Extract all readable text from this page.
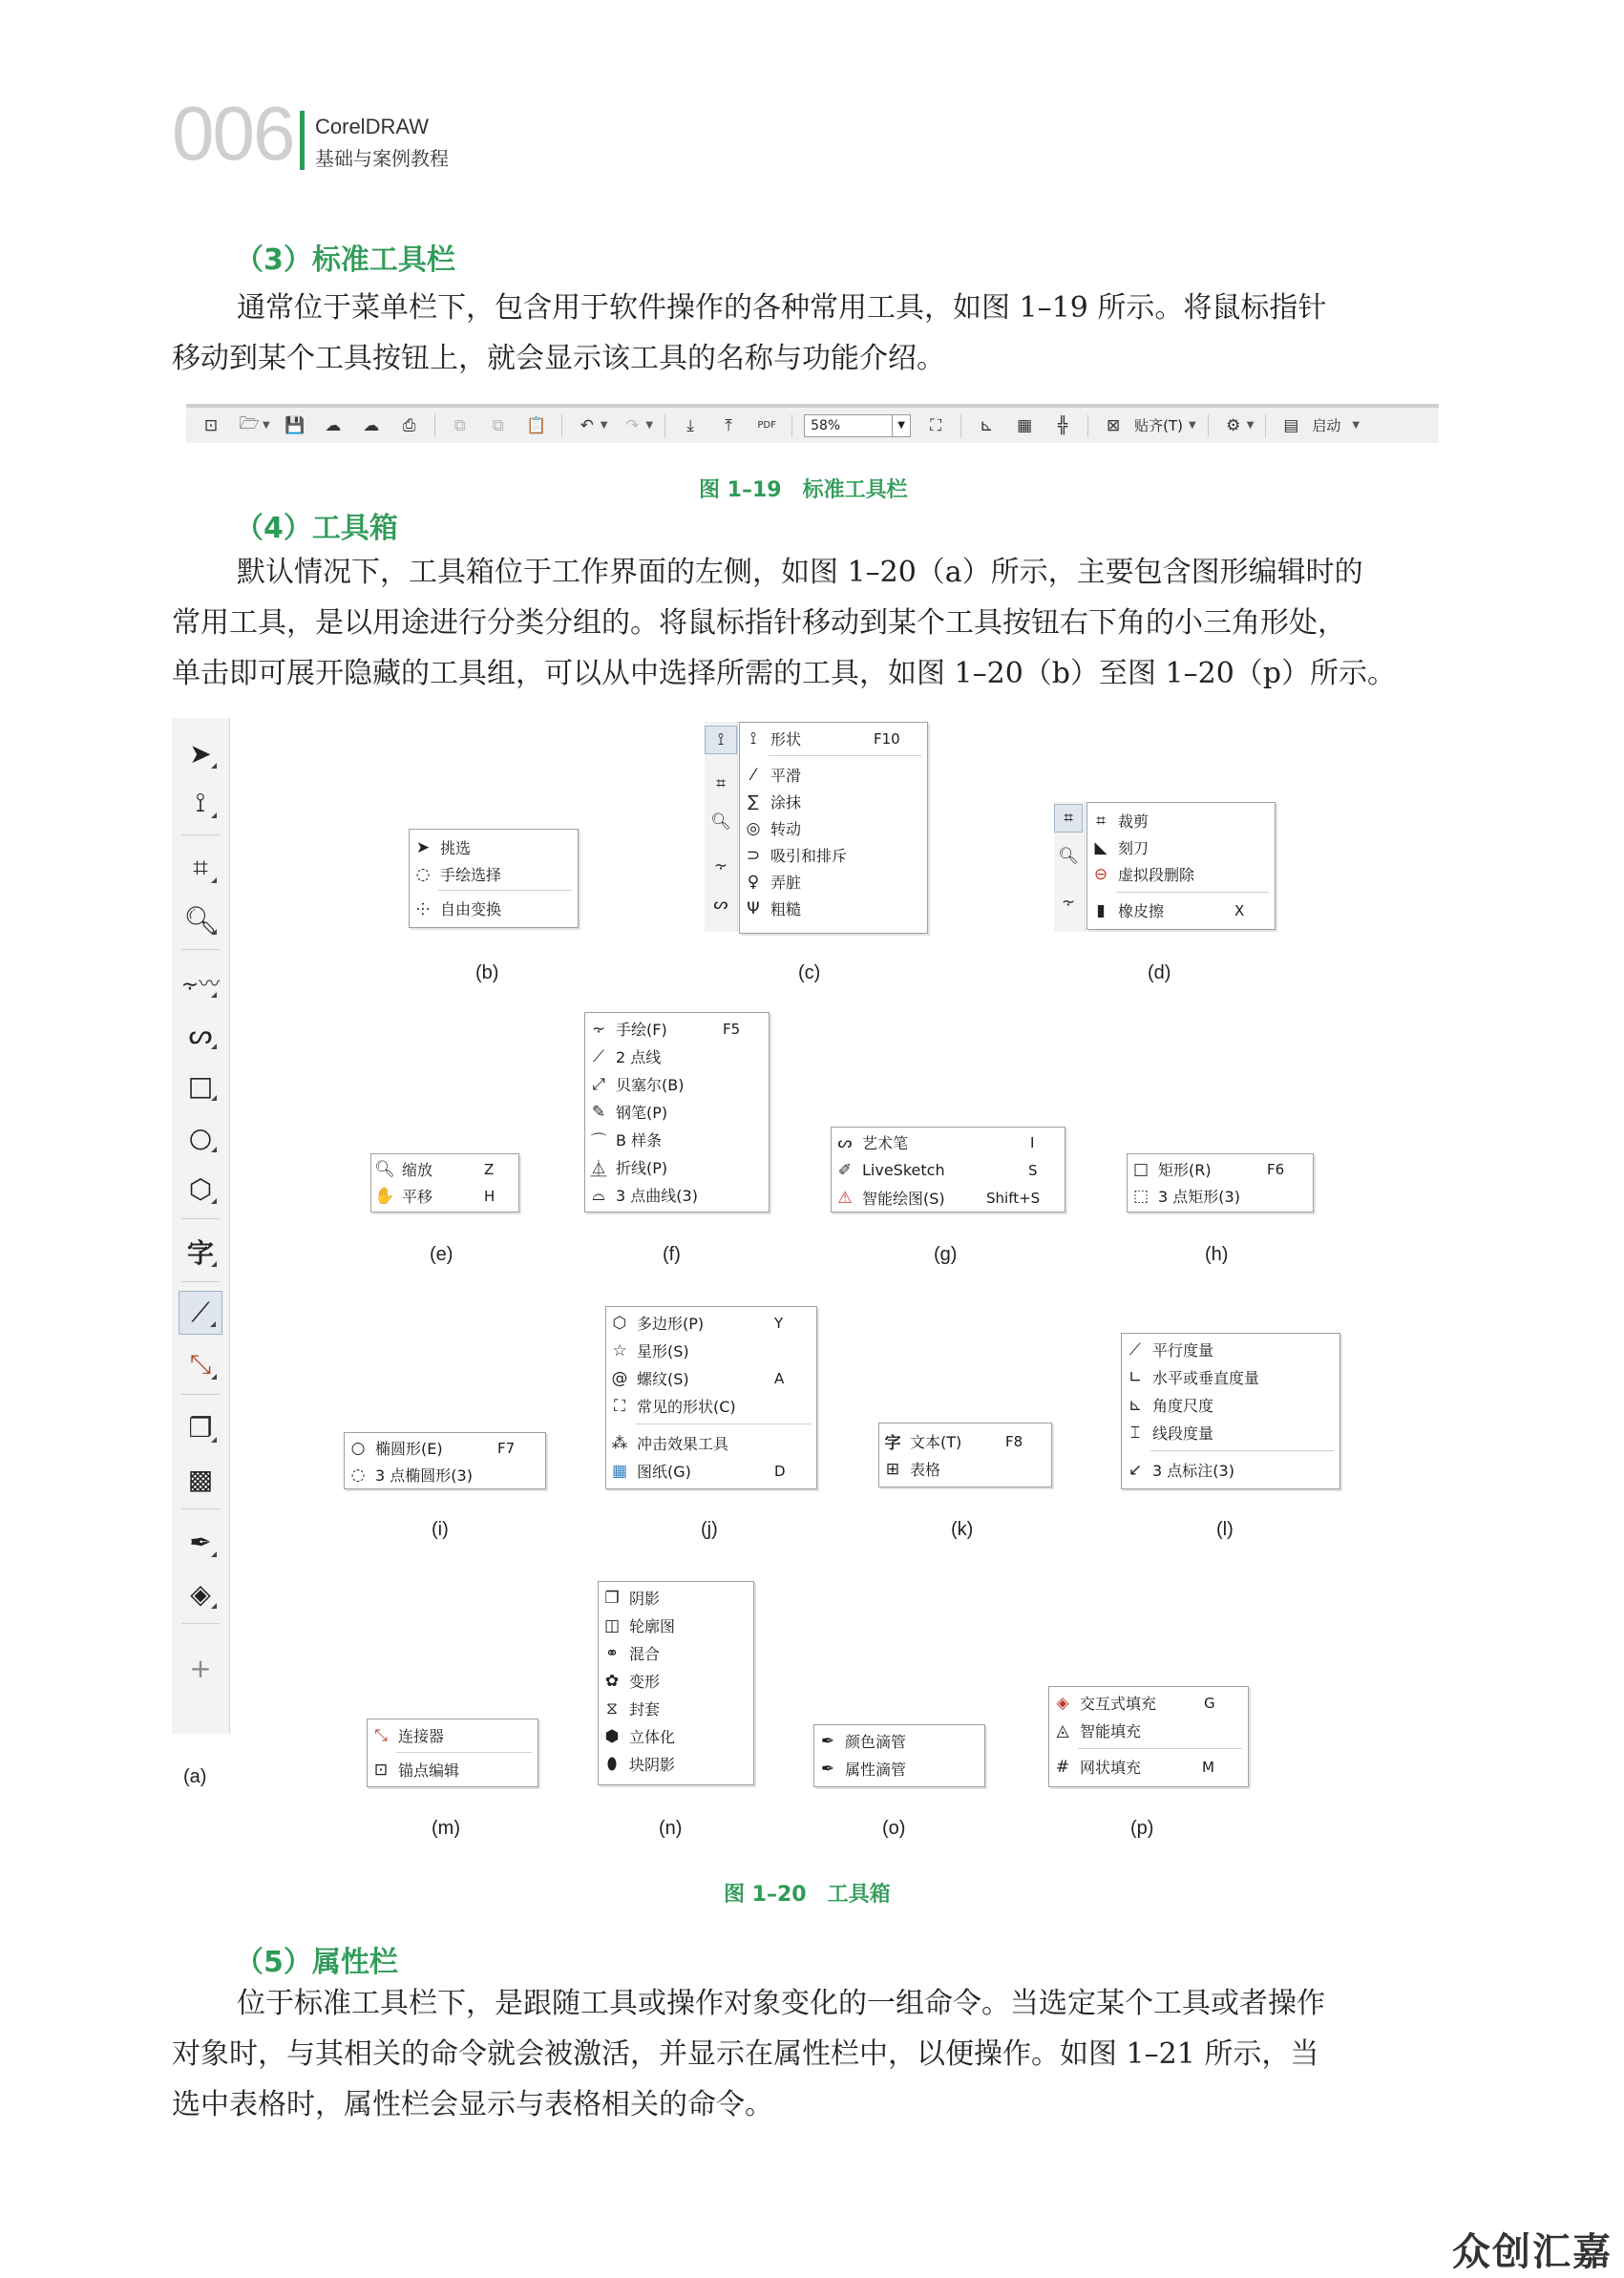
006 CorelDRAW
基础与案例教程
（3）标准工具栏
通常位于菜单栏下，包含用于软件操作的各种常用工具，如图 1–19 所示。将鼠标指针
移动到某个工具按钮上，就会显示该工具的名称与功能介绍。
⊡ 🗁 ▼ 💾 ☁ ☁	⎙	⧉	⧉	📋 ↶ ▼ ↷ ▼	⤓	⤒	PDF	58%	▼	⛶	⊾ ▦	╬	⊠ 贴齐(T) ▼ ⚙ ▼ ▤ 启动 ▼
图 1–19　标准工具栏
（4）工具箱
默认情况下，工具箱位于工作界面的左侧，如图 1–20（a）所示，主要包含图形编辑时的
常用工具，是以用途进行分类分组的。将鼠标指针移动到某个工具按钮右下角的小三角形处，
单击即可展开隐藏的工具组，可以从中选择所需的工具，如图 1–20（b）至图 1–20（p）所示。
➤
⟟
⌗
🔍︎
⸟〰
ᔕ
□
○
⬡
字
⟋
⤡
❐
▩
✒
◈
+
(a)
➤ 挑选
◌ 手绘选择
⸭ 自由变换
(b)
⟟
⌗
🔍︎
⸟
ᔕ
⟟ 形状	F10
⁄	平滑
∑ 涂抹
◎ 转动
⊃ 吸引和排斥
♀ 弄脏
Ψ 粗糙
(c)
⌗
🔍︎
⸟
⌗ 裁剪
◣ 刻刀
⊖ 虚拟段删除
▮ 橡皮擦	X
(d)
🔍︎ 缩放	Z
✋ 平移	H
(e)
⸟ 手绘(F)	F5
⟋ 2 点线
⤢ 贝塞尔(B)
✎ 钢笔(P)
⌒ B 样条
⏅ 折线(P)
⌓ 3 点曲线(3)
(f)
ᔕ 艺术笔	I
✐ LiveSketch	S
⚠ 智能绘图(S)	Shift+S
(g)
□ 矩形(R)	F6
⬚ 3 点矩形(3)
(h)
○ 椭圆形(E)	F7
◌ 3 点椭圆形(3)
(i)
⬡ 多边形(P)	Y
☆ 星形(S)
@ 螺纹(S)	A
⛶ 常见的形状(C)
⁂ 冲击效果工具
▦ 图纸(G)	D
(j)
字 文本(T)	F8
⊞ 表格
(k)
⟋ 平行度量
∟ 水平或垂直度量
⊾ 角度尺度
⌶ 线段度量
↙ 3 点标注(3)
(l)
⤡ 连接器
⊡ 锚点编辑
(m)
❐ 阴影
◫ 轮廓图
⚭ 混合
✿ 变形
⧖ 封套
⬢ 立体化
⬮ 块阴影
(n)
✒ 颜色滴管
✒ 属性滴管
(o)
◈ 交互式填充	G
◬ 智能填充
# 网状填充	M
(p)
图 1–20　工具箱
（5）属性栏
位于标准工具栏下，是跟随工具或操作对象变化的一组命令。当选定某个工具或者操作
对象时，与其相关的命令就会被激活，并显示在属性栏中，以便操作。如图 1–21 所示，当
选中表格时，属性栏会显示与表格相关的命令。
众创汇嘉
